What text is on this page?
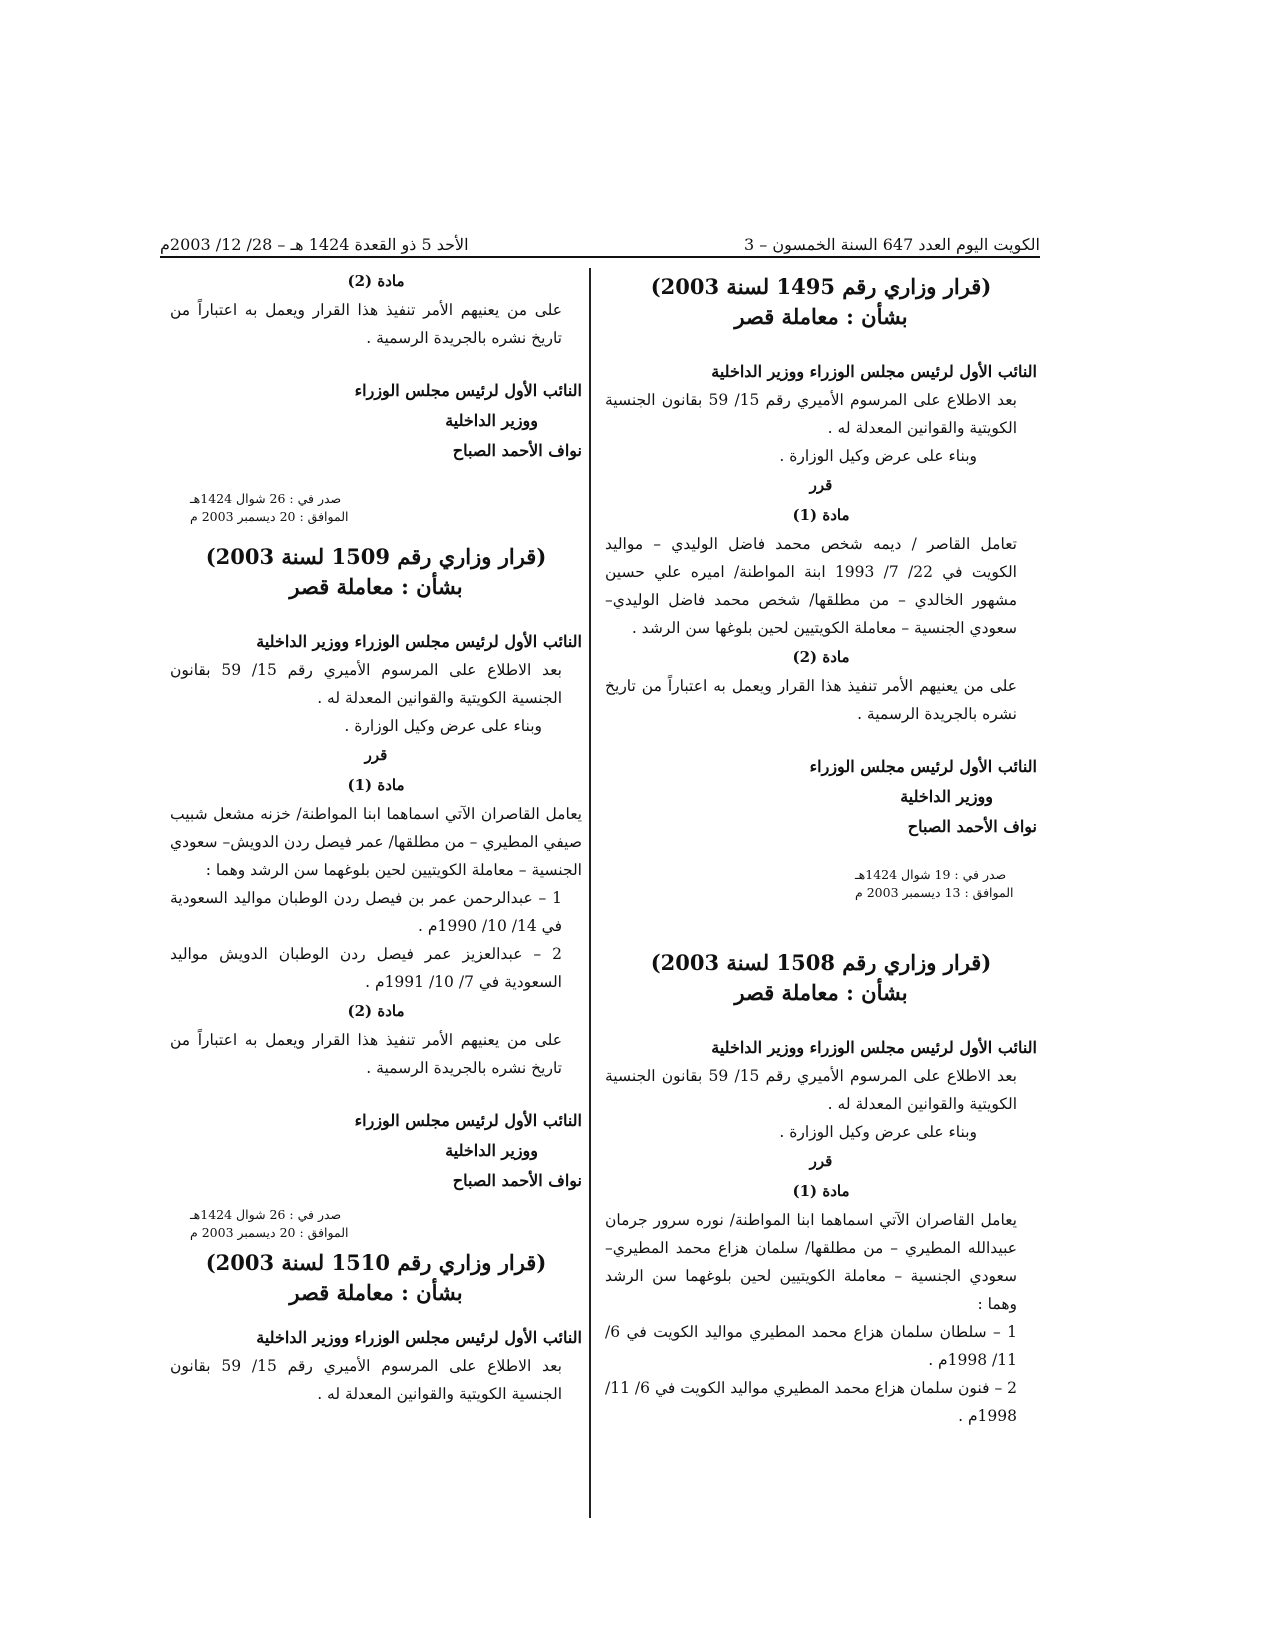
الكويت اليوم العدد 647 السنة الخمسون – 3
الأحد 5 ذو القعدة 1424 هـ – 28/ 12/ 2003م

(قرار وزاري رقم 1495 لسنة 2003)

بشأن : معاملة قصر

النائب الأول لرئيس مجلس الوزراء ووزير الداخلية

بعد الاطلاع على المرسوم الأميري رقم 15/ 59 بقانون الجنسية الكويتية والقوانين المعدلة له .

وبناء على عرض وكيل الوزارة .

قرر

مادة (1)

تعامل القاصر / ديمه شخص محمد فاضل الوليدي – مواليد الكويت في 22/ 7/ 1993 ابنة المواطنة/ اميره علي حسين مشهور الخالدي – من مطلقها/ شخص محمد فاضل الوليدي– سعودي الجنسية – معاملة الكويتيين لحين بلوغها سن الرشد .

مادة (2)

على من يعنيهم الأمر تنفيذ هذا القرار ويعمل به اعتباراً من تاريخ نشره بالجريدة الرسمية .

النائب الأول لرئيس مجلس الوزراء
ووزير الداخلية
نواف الأحمد الصباح
صدر في : 19 شوال 1424هـ
الموافق : 13 ديسمبر 2003 م

(قرار وزاري رقم 1508 لسنة 2003)

بشأن : معاملة قصر

النائب الأول لرئيس مجلس الوزراء ووزير الداخلية

بعد الاطلاع على المرسوم الأميري رقم 15/ 59 بقانون الجنسية الكويتية والقوانين المعدلة له .

وبناء على عرض وكيل الوزارة .

قرر

مادة (1)

يعامل القاصران الآتي اسماهما ابنا المواطنة/ نوره سرور جرمان عبيدالله المطيري – من مطلقها/ سلمان هزاع محمد المطيري– سعودي الجنسية – معاملة الكويتيين لحين بلوغهما سن الرشد وهما :

1 – سلطان سلمان هزاع محمد المطيري مواليد الكويت في 6/ 11/ 1998م .

2 – فنون سلمان هزاع محمد المطيري مواليد الكويت في 6/ 11/ 1998م .

مادة (2)

على من يعنيهم الأمر تنفيذ هذا القرار ويعمل به اعتباراً من تاريخ نشره بالجريدة الرسمية .

النائب الأول لرئيس مجلس الوزراء
ووزير الداخلية
نواف الأحمد الصباح
صدر في : 26 شوال 1424هـ
الموافق : 20 ديسمبر 2003 م

(قرار وزاري رقم 1509 لسنة 2003)

بشأن : معاملة قصر

النائب الأول لرئيس مجلس الوزراء ووزير الداخلية

بعد الاطلاع على المرسوم الأميري رقم 15/ 59 بقانون الجنسية الكويتية والقوانين المعدلة له .

وبناء على عرض وكيل الوزارة .

قرر

مادة (1)

يعامل القاصران الآتي اسماهما ابنا المواطنة/ خزنه مشعل شبيب صيفي المطيري – من مطلقها/ عمر فيصل ردن الدويش– سعودي الجنسية – معاملة الكويتيين لحين بلوغهما سن الرشد وهما :

1 – عبدالرحمن عمر بن فيصل ردن الوطبان مواليد السعودية في 14/ 10/ 1990م .

2 – عبدالعزيز عمر فيصل ردن الوطبان الدويش مواليد السعودية في 7/ 10/ 1991م .

مادة (2)

على من يعنيهم الأمر تنفيذ هذا القرار ويعمل به اعتباراً من تاريخ نشره بالجريدة الرسمية .

النائب الأول لرئيس مجلس الوزراء
ووزير الداخلية
نواف الأحمد الصباح
صدر في : 26 شوال 1424هـ
الموافق : 20 ديسمبر 2003 م

(قرار وزاري رقم 1510 لسنة 2003)

بشأن : معاملة قصر

النائب الأول لرئيس مجلس الوزراء ووزير الداخلية

بعد الاطلاع على المرسوم الأميري رقم 15/ 59 بقانون الجنسية الكويتية والقوانين المعدلة له .
